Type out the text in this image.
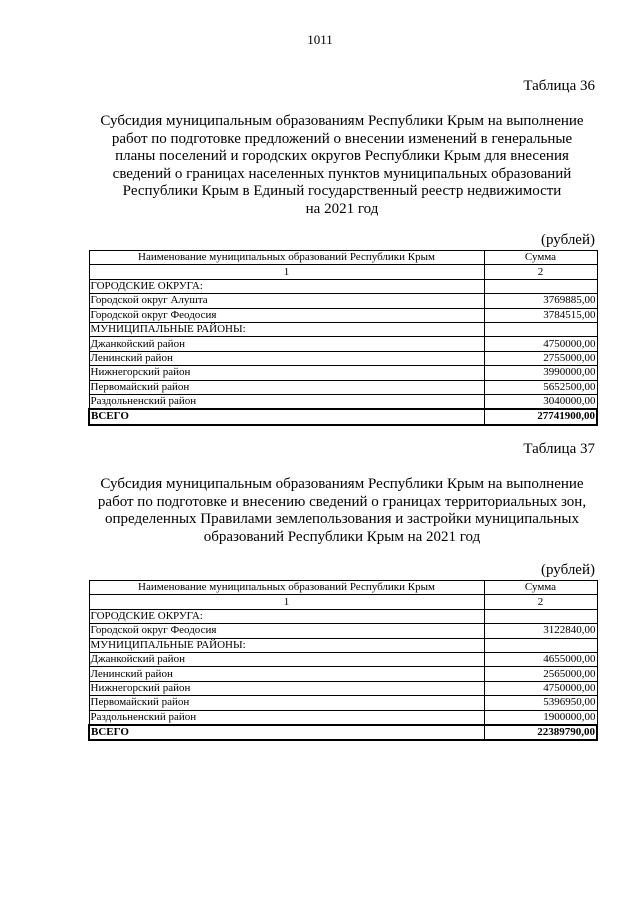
1011
Таблица 36
Субсидия муниципальным образованиям Республики Крым на выполнение
работ по подготовке предложений о внесении изменений в генеральные
планы поселений и городских округов Республики Крым для внесения
сведений о границах населенных пунктов муниципальных образований
Республики Крым в Единый государственный реестр недвижимости
на 2021 год
(рублей)
Наименование муниципальных образований Республики Крым	Сумма
1	2
ГОРОДСКИЕ ОКРУГА:	
Городской округ Алушта	3769885,00
Городской округ Феодосия	3784515,00
МУНИЦИПАЛЬНЫЕ РАЙОНЫ:	
Джанкойский район	4750000,00
Ленинский район	2755000,00
Нижнегорский район	3990000,00
Первомайский район	5652500,00
Раздольненский район	3040000,00
ВСЕГО	27741900,00
Таблица 37
Субсидия муниципальным образованиям Республики Крым на выполнение
работ по подготовке и внесению сведений о границах территориальных зон,
определенных Правилами землепользования и застройки муниципальных
образований Республики Крым на 2021 год
(рублей)
Наименование муниципальных образований Республики Крым	Сумма
1	2
ГОРОДСКИЕ ОКРУГА:	
Городской округ Феодосия	3122840,00
МУНИЦИПАЛЬНЫЕ РАЙОНЫ:	
Джанкойский район	4655000,00
Ленинский район	2565000,00
Нижнегорский район	4750000,00
Первомайский район	5396950,00
Раздольненский район	1900000,00
ВСЕГО	22389790,00
